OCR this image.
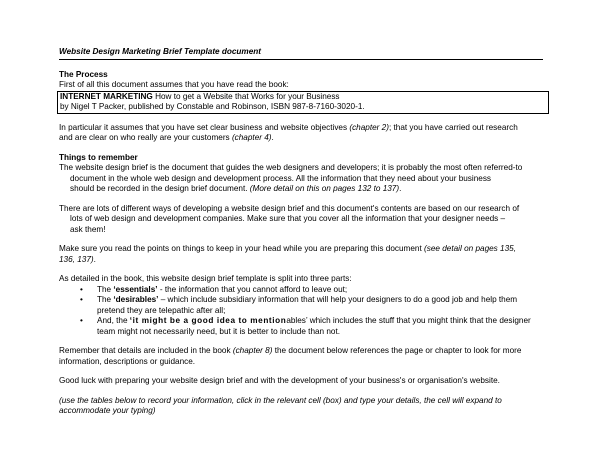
Website Design Marketing Brief Template document
The Process

First of all this document assumes that you have read the book:

INTERNET MARKETING How to get a Website that Works for your Business
by Nigel T Packer, published by Constable and Robinson, ISBN 987-8-7160-3020-1.

In particular it assumes that you have set clear business and website objectives (chapter 2); that you have carried out research
and are clear on who really are your customers (chapter 4).

Things to remember

The website design brief is the document that guides the web designers and developers; it is probably the most often referred-to
document in the whole web design and development process. All the information that they need about your business
should be recorded in the design brief document. (More detail on this on pages 132 to 137).

There are lots of different ways of developing a website design brief and this document's contents are based on our research of
lots of web design and development companies. Make sure that you cover all the information that your designer needs –
ask them!

Make sure you read the points on things to keep in your head while you are preparing this document (see detail on pages 135,
136, 137).

As detailed in the book, this website design brief template is split into three parts:

• The ‘essentials’ - the information that you cannot afford to leave out;
• The ‘desirables’ – which include subsidiary information that will help your designers to do a good job and help them
pretend they are telepathic after all;
• And, the ‘it might be a good idea to mentionables’ which includes the stuff that you might think that the designer
team might not necessarily need, but it is better to include than not.

Remember that details are included in the book (chapter 8) the document below references the page or chapter to look for more
information, descriptions or guidance.

Good luck with preparing your website design brief and with the development of your business's or organisation's website.

(use the tables below to record your information, click in the relevant cell (box) and type your details, the cell will expand to
accommodate your typing)
